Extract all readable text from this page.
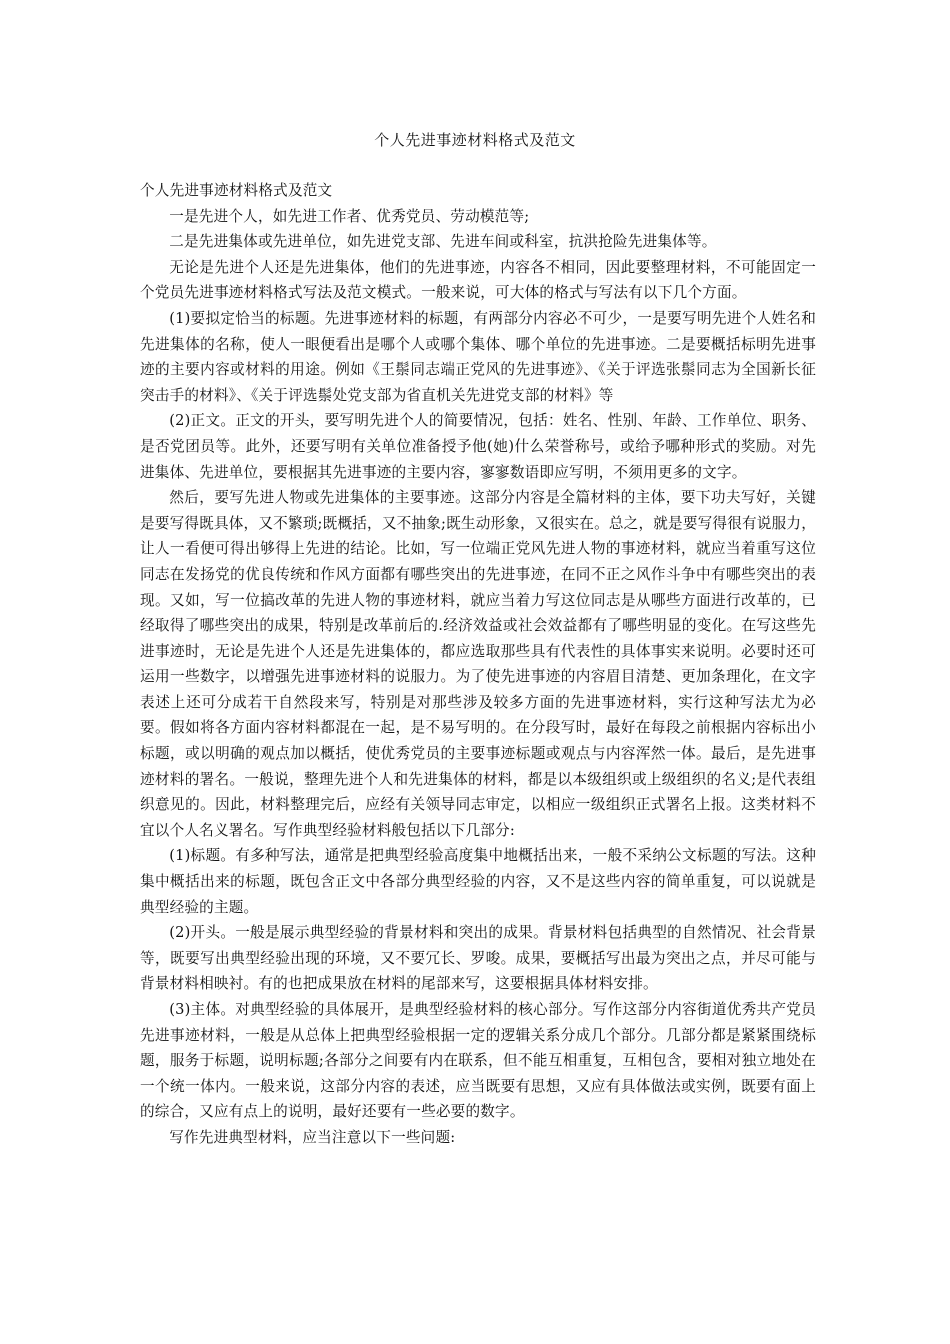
个人先进事迹材料格式及范文

个人先进事迹材料格式及范文

一是先进个人，如先进工作者、优秀党员、劳动模范等;

二是先进集体或先进单位，如先进党支部、先进车间或科室，抗洪抢险先进集体等。

无论是先进个人还是先进集体，他们的先进事迹，内容各不相同，因此要整理材料，不可能固定一个党员先进事迹材料格式写法及范文模式。一般来说，可大体的格式与写法有以下几个方面。

(1)要拟定恰当的标题。先进事迹材料的标题，有两部分内容必不可少，一是要写明先进个人姓名和先进集体的名称，使人一眼便看出是哪个人或哪个集体、哪个单位的先进事迹。二是要概括标明先进事迹的主要内容或材料的用途。例如《王鬃同志端正党风的先进事迹》、《关于评选张鬃同志为全国新长征突击手的材料》、《关于评选鬃处党支部为省直机关先进党支部的材料》等

(2)正文。正文的开头，要写明先进个人的简要情况，包括：姓名、性别、年龄、工作单位、职务、是否党团员等。此外，还要写明有关单位准备授予他(她)什么荣誉称号，或给予哪种形式的奖励。对先进集体、先进单位，要根据其先进事迹的主要内容，寥寥数语即应写明，不须用更多的文字。

然后，要写先进人物或先进集体的主要事迹。这部分内容是全篇材料的主体，要下功夫写好，关键是要写得既具体，又不繁琐;既概括，又不抽象;既生动形象，又很实在。总之，就是要写得很有说服力，让人一看便可得出够得上先进的结论。比如，写一位端正党风先进人物的事迹材料，就应当着重写这位同志在发扬党的优良传统和作风方面都有哪些突出的先进事迹，在同不正之风作斗争中有哪些突出的表现。又如，写一位搞改革的先进人物的事迹材料，就应当着力写这位同志是从哪些方面进行改革的，已经取得了哪些突出的成果，特别是改革前后的.经济效益或社会效益都有了哪些明显的变化。在写这些先进事迹时，无论是先进个人还是先进集体的，都应选取那些具有代表性的具体事实来说明。必要时还可运用一些数字，以增强先进事迹材料的说服力。为了使先进事迹的内容眉目清楚、更加条理化，在文字表述上还可分成若干自然段来写，特别是对那些涉及较多方面的先进事迹材料，实行这种写法尤为必要。假如将各方面内容材料都混在一起，是不易写明的。在分段写时，最好在每段之前根据内容标出小标题，或以明确的观点加以概括，使优秀党员的主要事迹标题或观点与内容浑然一体。最后，是先进事迹材料的署名。一般说，整理先进个人和先进集体的材料，都是以本级组织或上级组织的名义;是代表组织意见的。因此，材料整理完后，应经有关领导同志审定，以相应一级组织正式署名上报。这类材料不宜以个人名义署名。写作典型经验材料般包括以下几部分:

(1)标题。有多种写法，通常是把典型经验高度集中地概括出来，一般不采纳公文标题的写法。这种集中概括出来的标题，既包含正文中各部分典型经验的内容，又不是这些内容的简单重复，可以说就是典型经验的主题。

(2)开头。一般是展示典型经验的背景材料和突出的成果。背景材料包括典型的自然情况、社会背景等，既要写出典型经验出现的环境，又不要冗长、罗唆。成果，要概括写出最为突出之点，并尽可能与背景材料相映衬。有的也把成果放在材料的尾部来写，这要根据具体材料安排。

(3)主体。对典型经验的具体展开，是典型经验材料的核心部分。写作这部分内容街道优秀共产党员先进事迹材料，一般是从总体上把典型经验根据一定的逻辑关系分成几个部分。几部分都是紧紧围绕标题，服务于标题，说明标题;各部分之间要有内在联系，但不能互相重复，互相包含，要相对独立地处在一个统一体内。一般来说，这部分内容的表述，应当既要有思想，又应有具体做法或实例，既要有面上的综合，又应有点上的说明，最好还要有一些必要的数字。

写作先进典型材料，应当注意以下一些问题:
